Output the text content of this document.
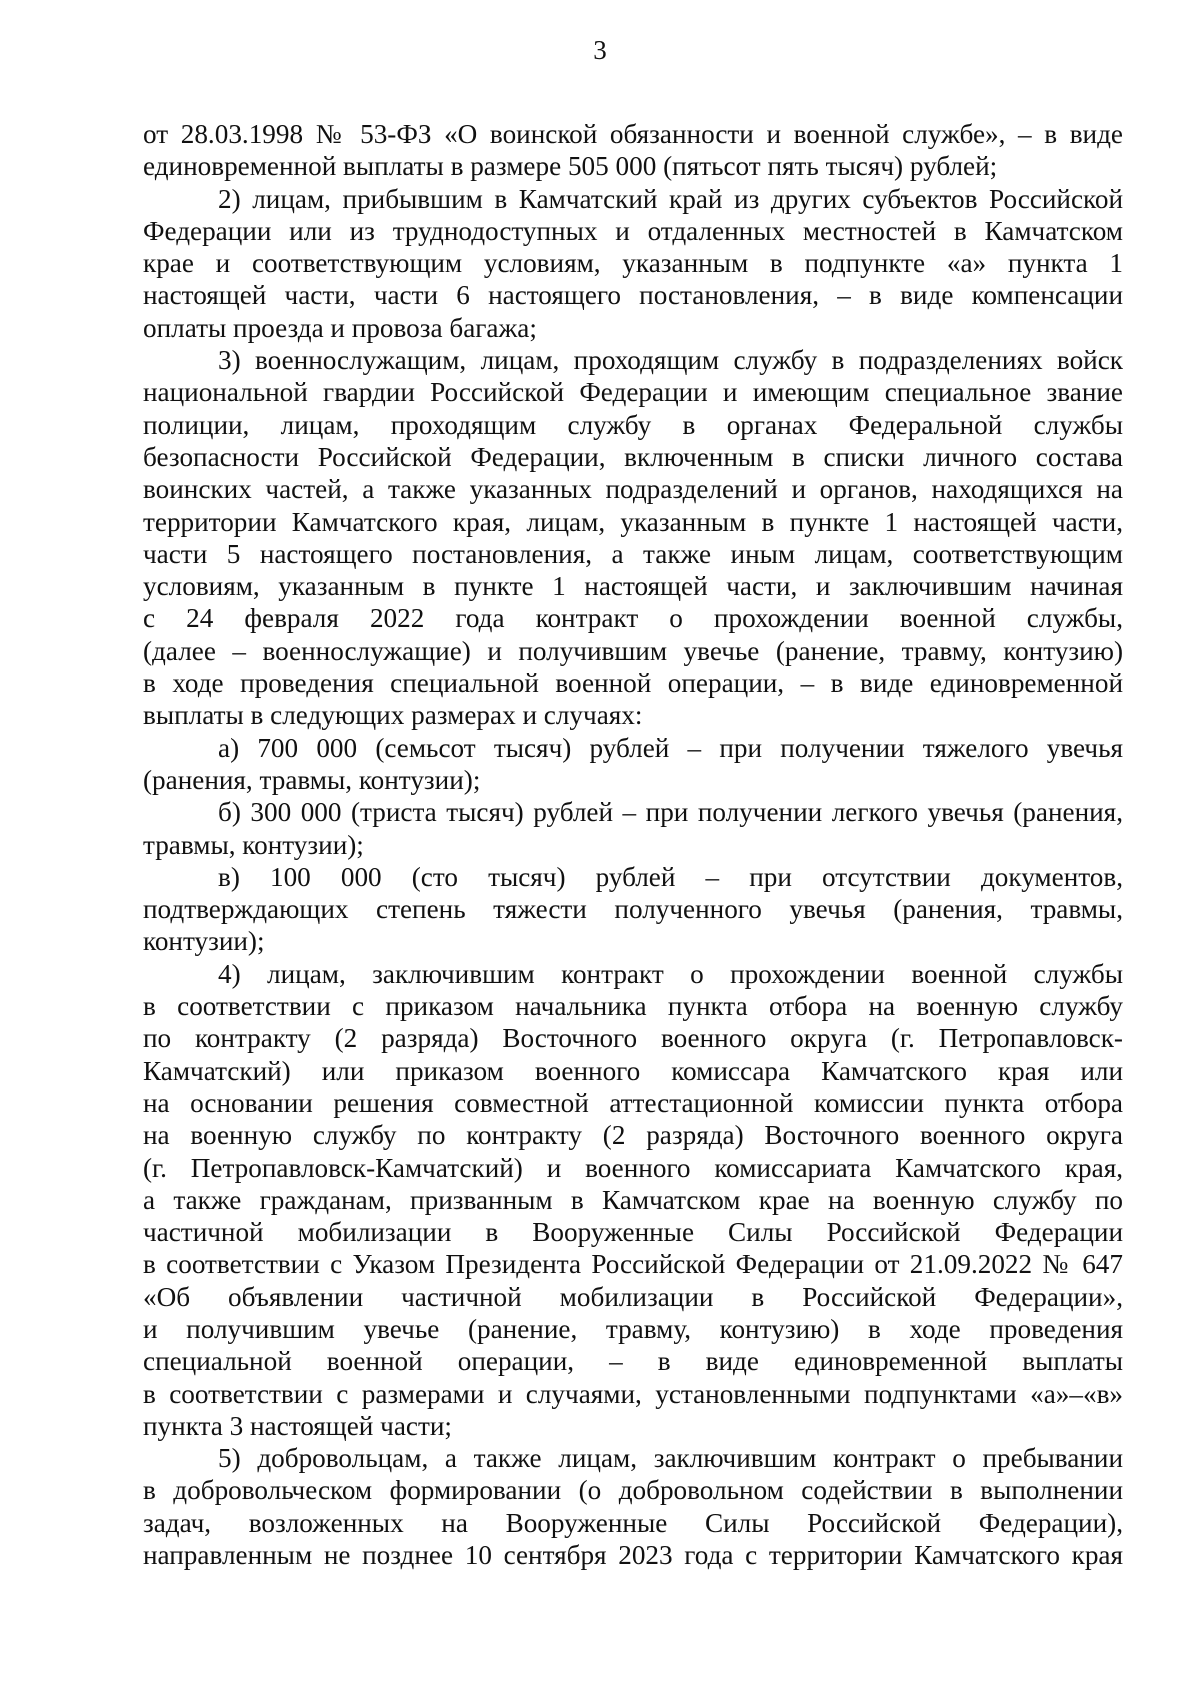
3

от 28.03.1998 № 53-ФЗ «О воинской обязанности и военной службе», – в виде

единовременной выплаты в размере 505 000 (пятьсот пять тысяч) рублей;

2) лицам, прибывшим в Камчатский край из других субъектов Российской

Федерации или из труднодоступных и отдаленных местностей в Камчатском

крае и соответствующим условиям, указанным в подпункте «а» пункта 1

настоящей части, части 6 настоящего постановления, – в виде компенсации

оплаты проезда и провоза багажа;

3) военнослужащим, лицам, проходящим службу в подразделениях войск

национальной гвардии Российской Федерации и имеющим специальное звание

полиции, лицам, проходящим службу в органах Федеральной службы

безопасности Российской Федерации, включенным в списки личного состава

воинских частей, а также указанных подразделений и органов, находящихся на

территории Камчатского края, лицам, указанным в пункте 1 настоящей части,

части 5 настоящего постановления, а также иным лицам, соответствующим

условиям, указанным в пункте 1 настоящей части, и заключившим начиная

с 24 февраля 2022 года контракт о прохождении военной службы,

(далее – военнослужащие) и получившим увечье (ранение, травму, контузию)

в ходе проведения специальной военной операции, – в виде единовременной

выплаты в следующих размерах и случаях:

а) 700 000 (семьсот тысяч) рублей – при получении тяжелого увечья

(ранения, травмы, контузии);

б) 300 000 (триста тысяч) рублей – при получении легкого увечья (ранения,

травмы, контузии);

в) 100 000 (сто тысяч) рублей – при отсутствии документов,

подтверждающих степень тяжести полученного увечья (ранения, травмы,

контузии);

4) лицам, заключившим контракт о прохождении военной службы

в соответствии с приказом начальника пункта отбора на военную службу

по контракту (2 разряда) Восточного военного округа (г. Петропавловск-

Камчатский) или приказом военного комиссара Камчатского края или

на основании решения совместной аттестационной комиссии пункта отбора

на военную службу по контракту (2 разряда) Восточного военного округа

(г. Петропавловск-Камчатский) и военного комиссариата Камчатского края,

а также гражданам, призванным в Камчатском крае на военную службу по

частичной мобилизации в Вооруженные Силы Российской Федерации

в соответствии с Указом Президента Российской Федерации от 21.09.2022 № 647

«Об объявлении частичной мобилизации в Российской Федерации»,

и получившим увечье (ранение, травму, контузию) в ходе проведения

специальной военной операции, – в виде единовременной выплаты

в соответствии с размерами и случаями, установленными подпунктами «а»–«в»

пункта 3 настоящей части;

5) добровольцам, а также лицам, заключившим контракт о пребывании

в добровольческом формировании (о добровольном содействии в выполнении

задач, возложенных на Вооруженные Силы Российской Федерации),

направленным не позднее 10 сентября 2023 года с территории Камчатского края
